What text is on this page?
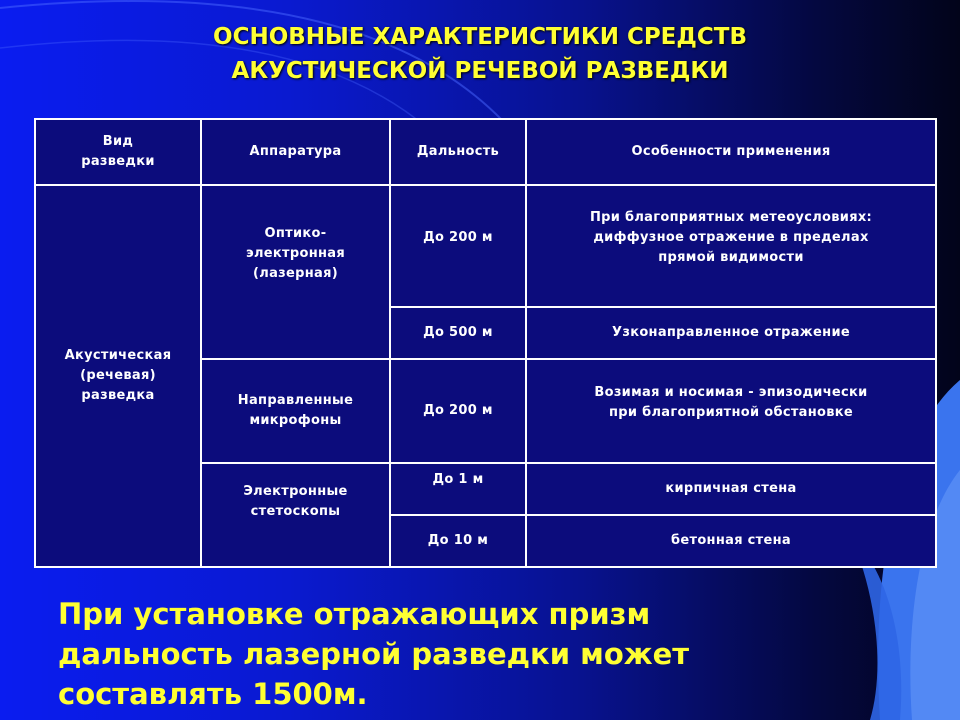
ОСНОВНЫЕ ХАРАКТЕРИСТИКИ СРЕДСТВ
АКУСТИЧЕСКОЙ РЕЧЕВОЙ РАЗВЕДКИ
Вид
разведки	Аппаратура	Дальность	Особенности применения
Акустическая
(речевая)
разведка	Оптико-
электронная
(лазерная)	До 200 м	При благоприятных метеоусловиях:
диффузное отражение в пределах
прямой видимости
		До 500 м	Узконаправленное отражение
	Направленные
микрофоны	До 200 м	Возимая и носимая - эпизодически
при благоприятной обстановке
	Электронные
стетоскопы	До 1 м	кирпичная стена
		До 10 м	бетонная стена
При установке отражающих призм
дальность лазерной разведки может
составлять 1500м.
